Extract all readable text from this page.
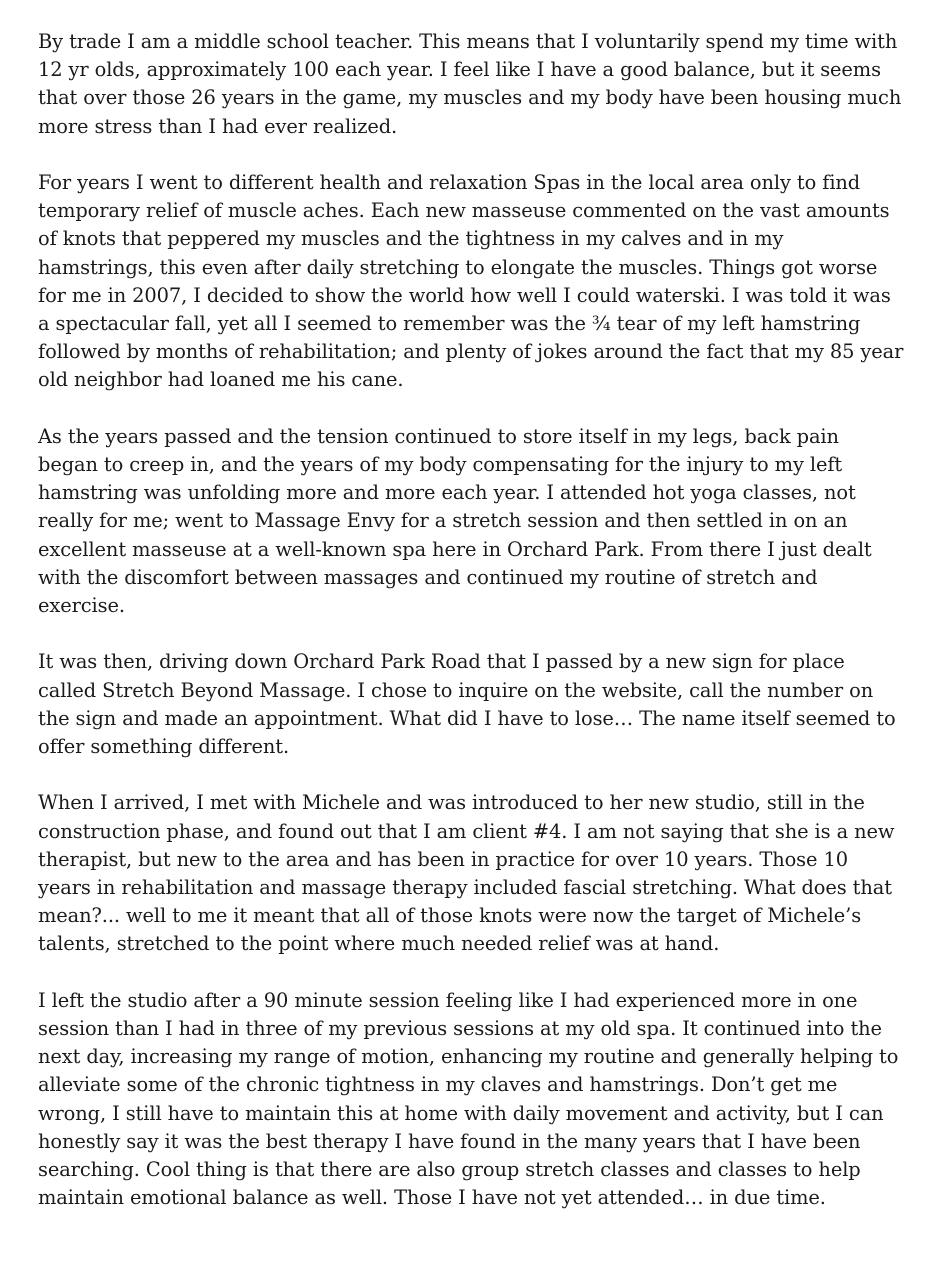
By trade I am a middle school teacher. This means that I voluntarily spend my time with 12 yr olds, approximately 100 each year. I feel like I have a good balance, but it seems that over those 26 years in the game, my muscles and my body have been housing much more stress than I had ever realized.

For years I went to different health and relaxation Spas in the local area only to find temporary relief of muscle aches. Each new masseuse commented on the vast amounts of knots that peppered my muscles and the tightness in my calves and in my hamstrings, this even after daily stretching to elongate the muscles. Things got worse for me in 2007, I decided to show the world how well I could waterski. I was told it was a spectacular fall, yet all I seemed to remember was the ¾ tear of my left hamstring followed by months of rehabilitation; and plenty of jokes around the fact that my 85 year old neighbor had loaned me his cane.

As the years passed and the tension continued to store itself in my legs, back pain began to creep in, and the years of my body compensating for the injury to my left hamstring was unfolding more and more each year. I attended hot yoga classes, not really for me; went to Massage Envy for a stretch session and then settled in on an excellent masseuse at a well-known spa here in Orchard Park. From there I just dealt with the discomfort between massages and continued my routine of stretch and exercise.

It was then, driving down Orchard Park Road that I passed by a new sign for place called Stretch Beyond Massage. I chose to inquire on the website, call the number on the sign and made an appointment. What did I have to lose… The name itself seemed to offer something different.

When I arrived, I met with Michele and was introduced to her new studio, still in the construction phase, and found out that I am client #4. I am not saying that she is a new therapist, but new to the area and has been in practice for over 10 years. Those 10 years in rehabilitation and massage therapy included fascial stretching. What does that mean?... well to me it meant that all of those knots were now the target of Michele’s talents, stretched to the point where much needed relief was at hand.

I left the studio after a 90 minute session feeling like I had experienced more in one session than I had in three of my previous sessions at my old spa. It continued into the next day, increasing my range of motion, enhancing my routine and generally helping to alleviate some of the chronic tightness in my claves and hamstrings. Don’t get me wrong, I still have to maintain this at home with daily movement and activity, but I can honestly say it was the best therapy I have found in the many years that I have been searching. Cool thing is that there are also group stretch classes and classes to help maintain emotional balance as well. Those I have not yet attended… in due time.
